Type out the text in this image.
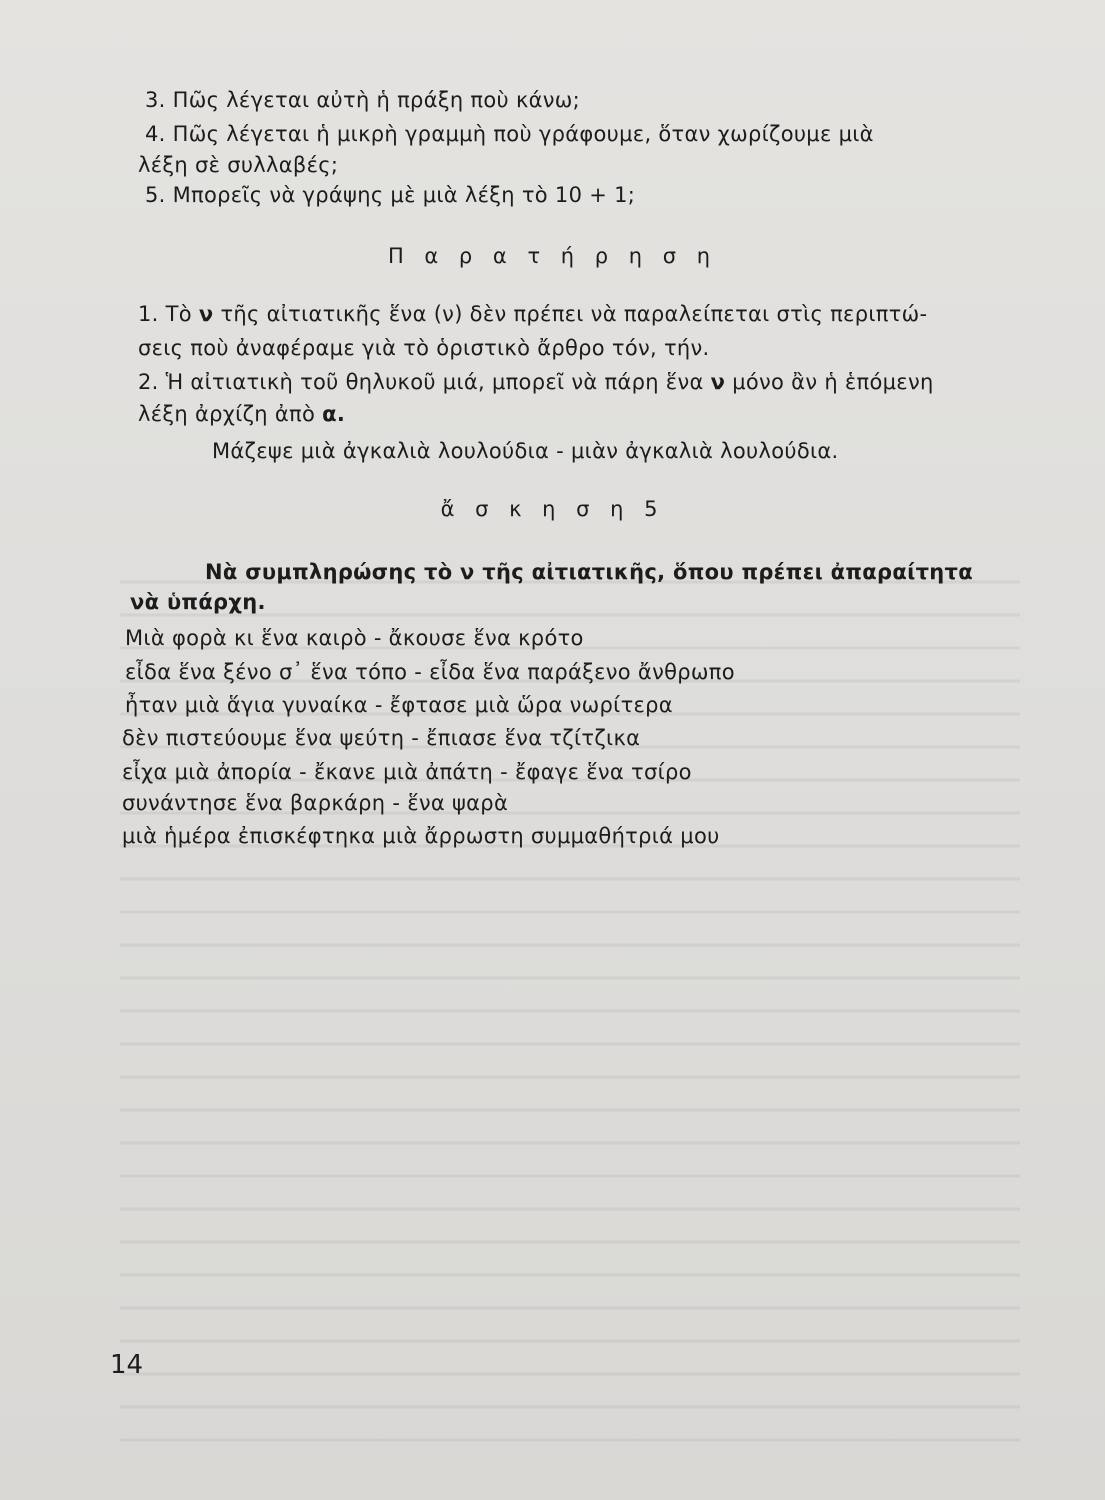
3. Πῶς λέγεται αὐτὴ ἡ πράξη ποὺ κάνω;
4. Πῶς λέγεται ἡ μικρὴ γραμμὴ ποὺ γράφουμε, ὅταν χωρίζουμε μιὰ
λέξη σὲ συλλαβές;
5. Μπορεῖς νὰ γράψης μὲ μιὰ λέξη τὸ 10 + 1;
Π α ρ α τ ή ρ η σ η
1. Τὸ ν τῆς αἰτιατικῆς ἕνα (ν) δὲν πρέπει νὰ παραλείπεται στὶς περιπτώ-
σεις ποὺ ἀναφέραμε γιὰ τὸ ὁριστικὸ ἄρθρο τόν, τήν.
2. Ἡ αἰτιατικὴ τοῦ θηλυκοῦ μιά, μπορεῖ νὰ πάρη ἕνα ν μόνο ἂν ἡ ἑπόμενη
λέξη ἀρχίζη ἀπὸ α.
Μάζεψε μιὰ ἀγκαλιὰ λουλούδια - μιὰν ἀγκαλιὰ λουλούδια.
ἄ σ κ η σ η 5
Νὰ συμπληρώσης τὸ ν τῆς αἰτιατικῆς, ὅπου πρέπει ἀπαραίτητα
νὰ ὑπάρχη.
Μιὰ φορὰ κι ἕνα καιρὸ - ἄκουσε ἕνα κρότο
εἶδα ἕνα ξένο σ᾽ ἕνα τόπο - εἶδα ἕνα παράξενο ἄνθρωπο
ἦταν μιὰ ἅγια γυναίκα - ἔφτασε μιὰ ὥρα νωρίτερα
δὲν πιστεύουμε ἕνα ψεύτη - ἔπιασε ἕνα τζίτζικα
εἶχα μιὰ ἀπορία - ἔκανε μιὰ ἀπάτη - ἔφαγε ἕνα τσίρο
συνάντησε ἕνα βαρκάρη - ἕνα ψαρὰ
μιὰ ἡμέρα ἐπισκέφτηκα μιὰ ἄρρωστη συμμαθήτριά μου
14
